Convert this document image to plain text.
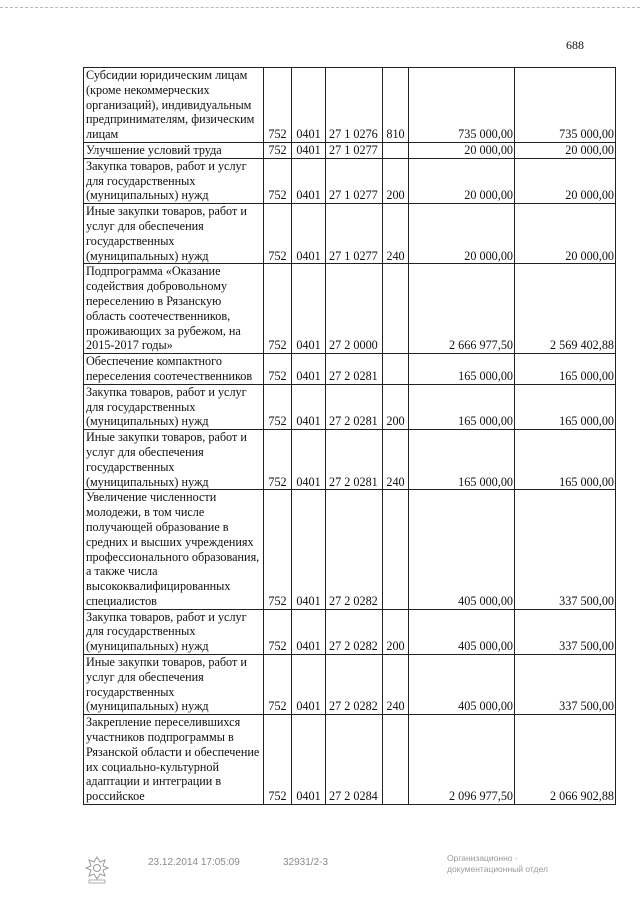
688
Субсидии юридическим лицам (кроме некоммерческих организаций), индивидуальным предпринимателям, физическим лицам	752	0401	27 1 0276	810	735 000,00	735 000,00
Улучшение условий труда	752	0401	27 1 0277		20 000,00	20 000,00
Закупка товаров, работ и услуг для государственных (муниципальных) нужд	752	0401	27 1 0277	200	20 000,00	20 000,00
Иные закупки товаров, работ и услуг для обеспечения государственных (муниципальных) нужд	752	0401	27 1 0277	240	20 000,00	20 000,00
Подпрограмма «Оказание содействия добровольному переселению в Рязанскую область соотечественников, проживающих за рубежом, на 2015-2017 годы»	752	0401	27 2 0000		2 666 977,50	2 569 402,88
Обеспечение компактного переселения соотечественников	752	0401	27 2 0281		165 000,00	165 000,00
Закупка товаров, работ и услуг для государственных (муниципальных) нужд	752	0401	27 2 0281	200	165 000,00	165 000,00
Иные закупки товаров, работ и услуг для обеспечения государственных (муниципальных) нужд	752	0401	27 2 0281	240	165 000,00	165 000,00
Увеличение численности молодежи, в том числе получающей образование в средних и высших учреждениях профессионального образования, а также числа высококвалифицированных специалистов	752	0401	27 2 0282		405 000,00	337 500,00
Закупка товаров, работ и услуг для государственных (муниципальных) нужд	752	0401	27 2 0282	200	405 000,00	337 500,00
Иные закупки товаров, работ и услуг для обеспечения государственных (муниципальных) нужд	752	0401	27 2 0282	240	405 000,00	337 500,00
Закрепление переселившихся участников подпрограммы в Рязанской области и обеспечение их социально-культурной адаптации и интеграции в российское	752	0401	27 2 0284		2 096 977,50	2 066 902,88
23.12.2014 17:05:09	32931/2-3	Организационно -
документационный отдел
